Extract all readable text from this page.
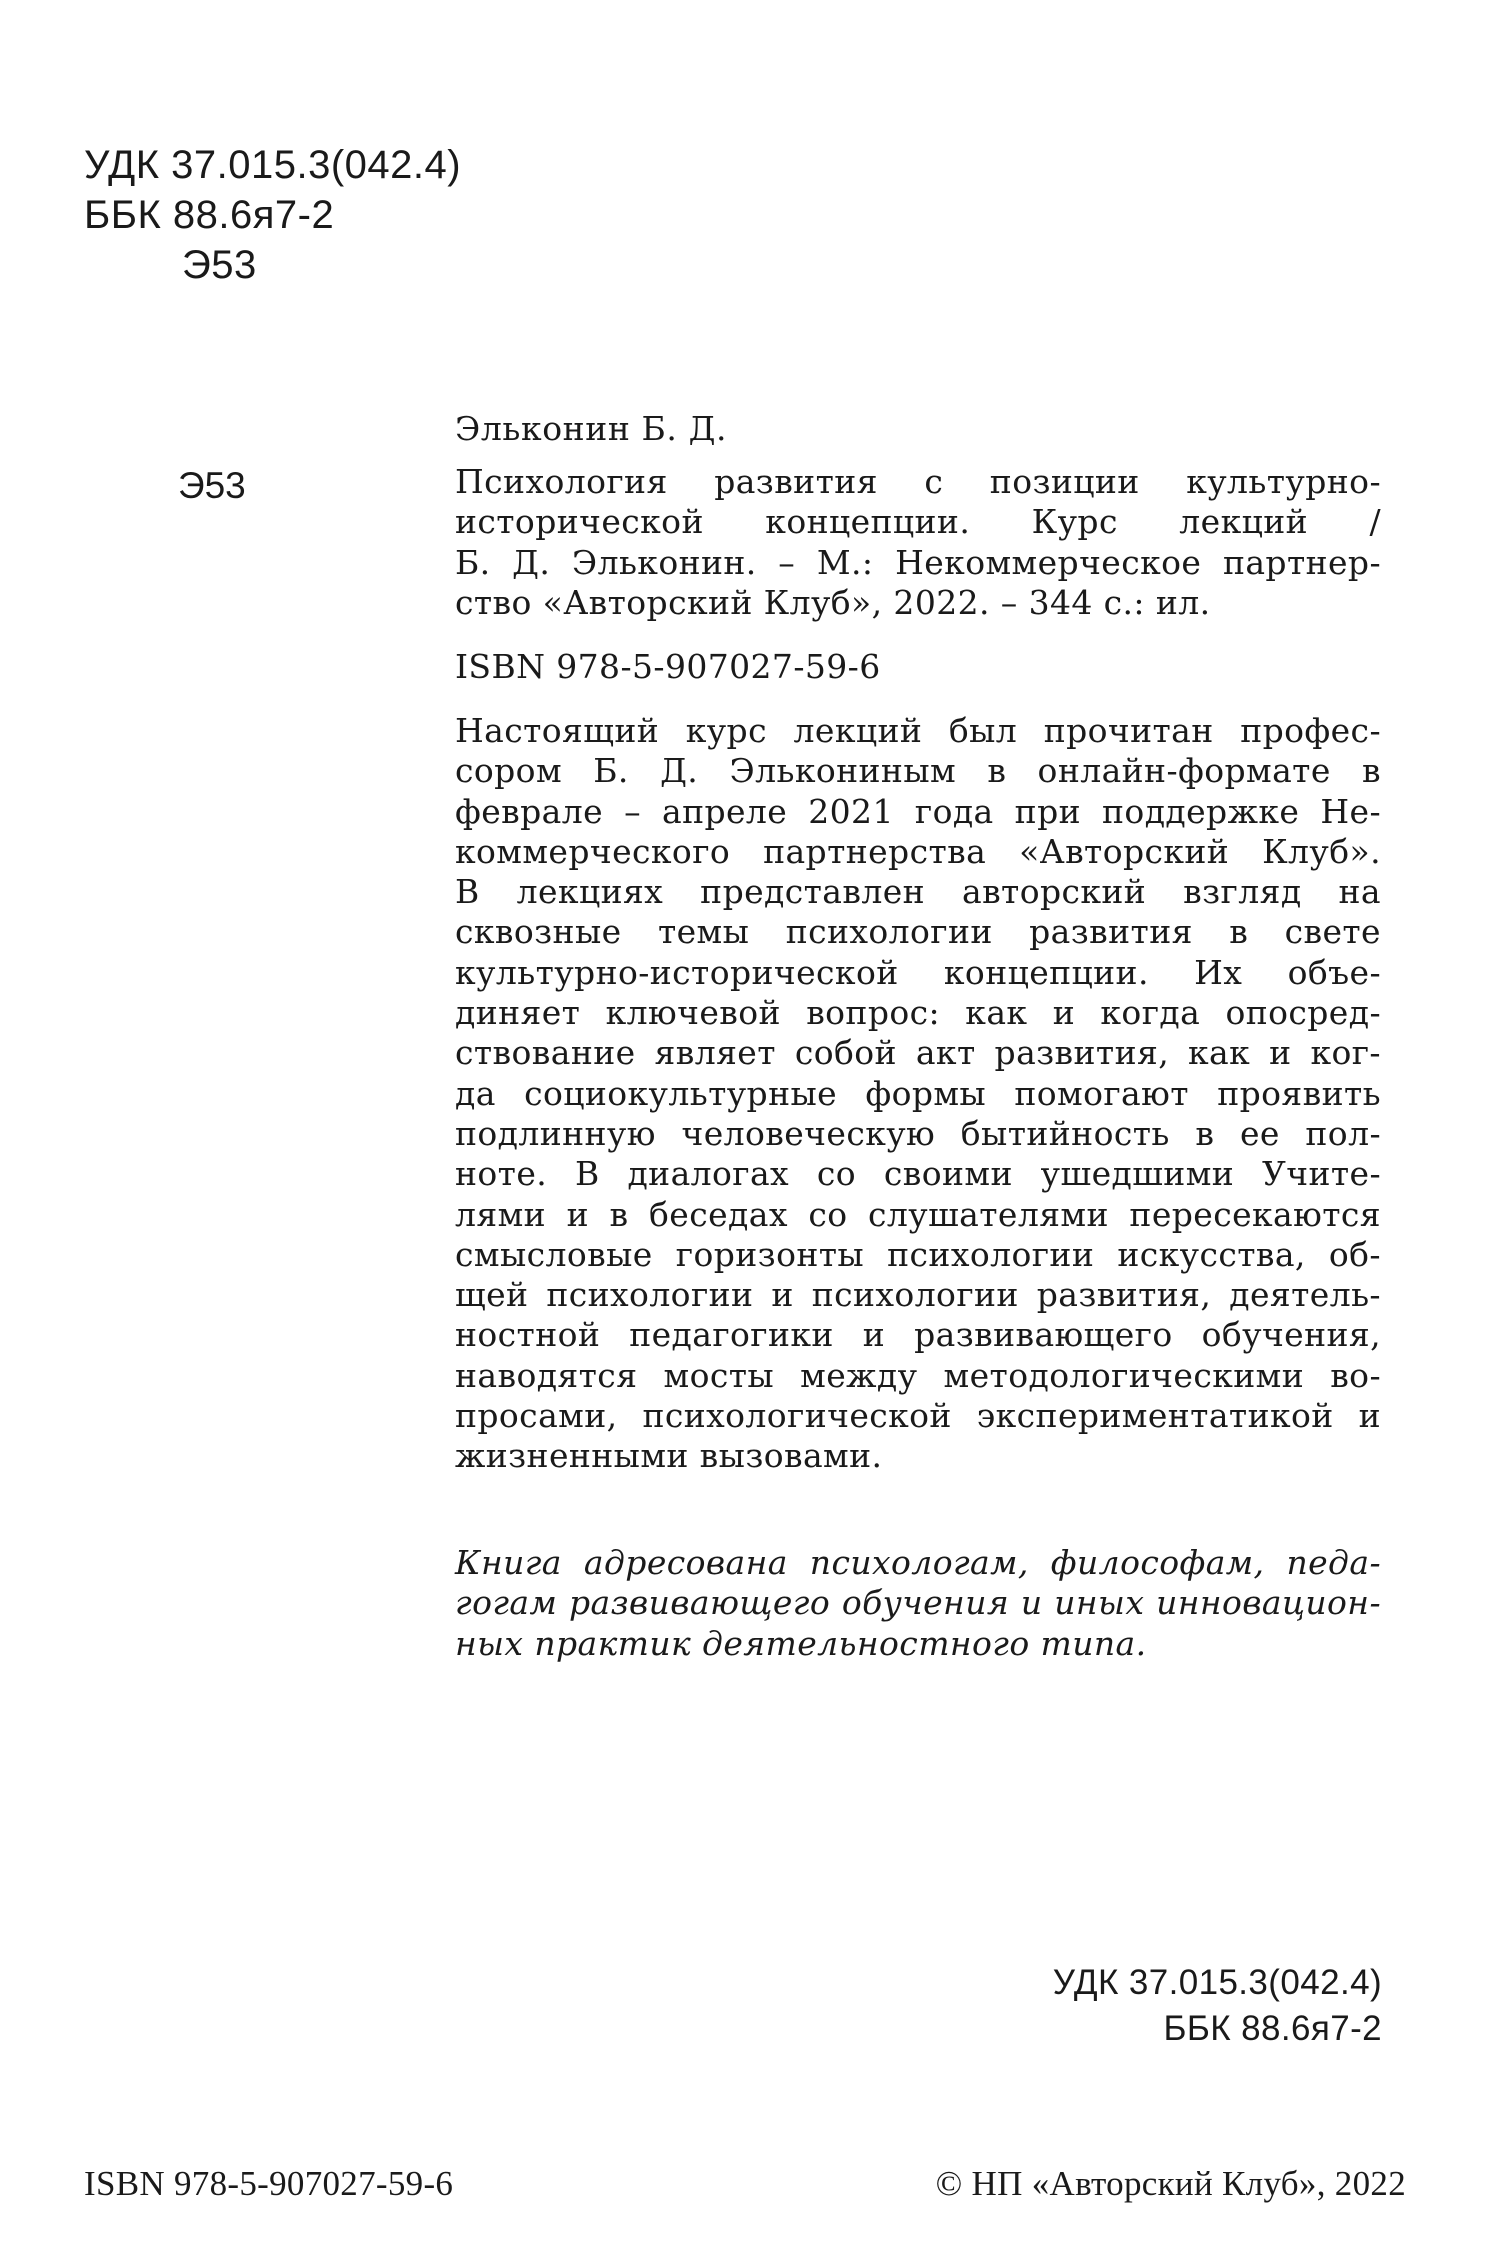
УДК 37.015.3(042.4)
ББК 88.6я7-2
Э53
Эльконин Б. Д.
Э53	Психология развития с позиции культурно-
исторической концепции. Курс лекций /
Б. Д. Эльконин. – М.: Некоммерческое партнер-
ство «Авторский Клуб», 2022. – 344 с.: ил.
ISBN 978-5-907027-59-6
Настоящий курс лекций был прочитан профес-
сором Б. Д. Элькониным в онлайн-формате в
феврале – апреле 2021 года при поддержке Не-
коммерческого партнерства «Авторский Клуб».
В лекциях представлен авторский взгляд на
сквозные темы психологии развития в свете
культурно-исторической концепции. Их объе-
диняет ключевой вопрос: как и когда опосред-
ствование являет собой акт развития, как и ког-
да социокультурные формы помогают проявить
подлинную человеческую бытийность в ее пол-
ноте. В диалогах со своими ушедшими Учите-
лями и в беседах со слушателями пересекаются
смысловые горизонты психологии искусства, об-
щей психологии и психологии развития, деятель-
ностной педагогики и развивающего обучения,
наводятся мосты между методологическими во-
просами, психологической экспериментатикой и
жизненными вызовами.
Книга адресована психологам, философам, педа-
гогам развивающего обучения и иных инновацион-
ных практик деятельностного типа.
УДК 37.015.3(042.4)
ББК 88.6я7-2
ISBN 978-5-907027-59-6	© НП «Авторский Клуб», 2022
